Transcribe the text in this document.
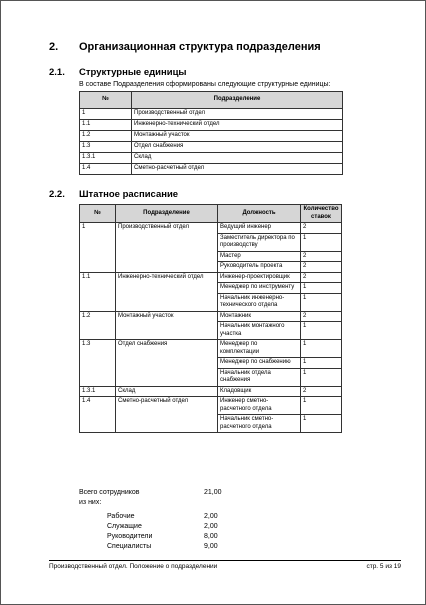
2. Организационная структура подразделения
2.1. Структурные единицы
В составе Подразделения сформированы следующие структурные единицы:
№	Подразделение
1	Производственный отдел
1.1	Инженерно-технический отдел
1.2	Монтажный участок
1.3	Отдел снабжения
1.3.1	Склад
1.4	Сметно-расчетный отдел
2.2. Штатное расписание
№	Подразделение	Должность	Количество ставок
1	Производственный отдел	Ведущий инженер	2
		Заместитель директора по производству	1
		Мастер	2
		Руководитель проекта	2
1.1	Инженерно-технический отдел	Инженер-проектировщик	2
		Менеджер по инструменту	1
		Начальник инженерно-технического отдела	1
1.2	Монтажный участок	Монтажник	2
		Начальник монтажного участка	1
1.3	Отдел снабжения	Менеджер по комплектации	1
		Менеджер по снабжению	1
		Начальник отдела снабжения	1
1.3.1	Склад	Кладовщик	2
1.4	Сметно-расчетный отдел	Инженер сметно-расчетного отдела	1
		Начальник сметно-расчетного отдела	1
Всего сотрудников	21,00
из них:
Рабочие	2,00
Служащие	2,00
Руководители	8,00
Специалисты	9,00
Производственный отдел. Положение о подразделении	стр. 5 из 19
